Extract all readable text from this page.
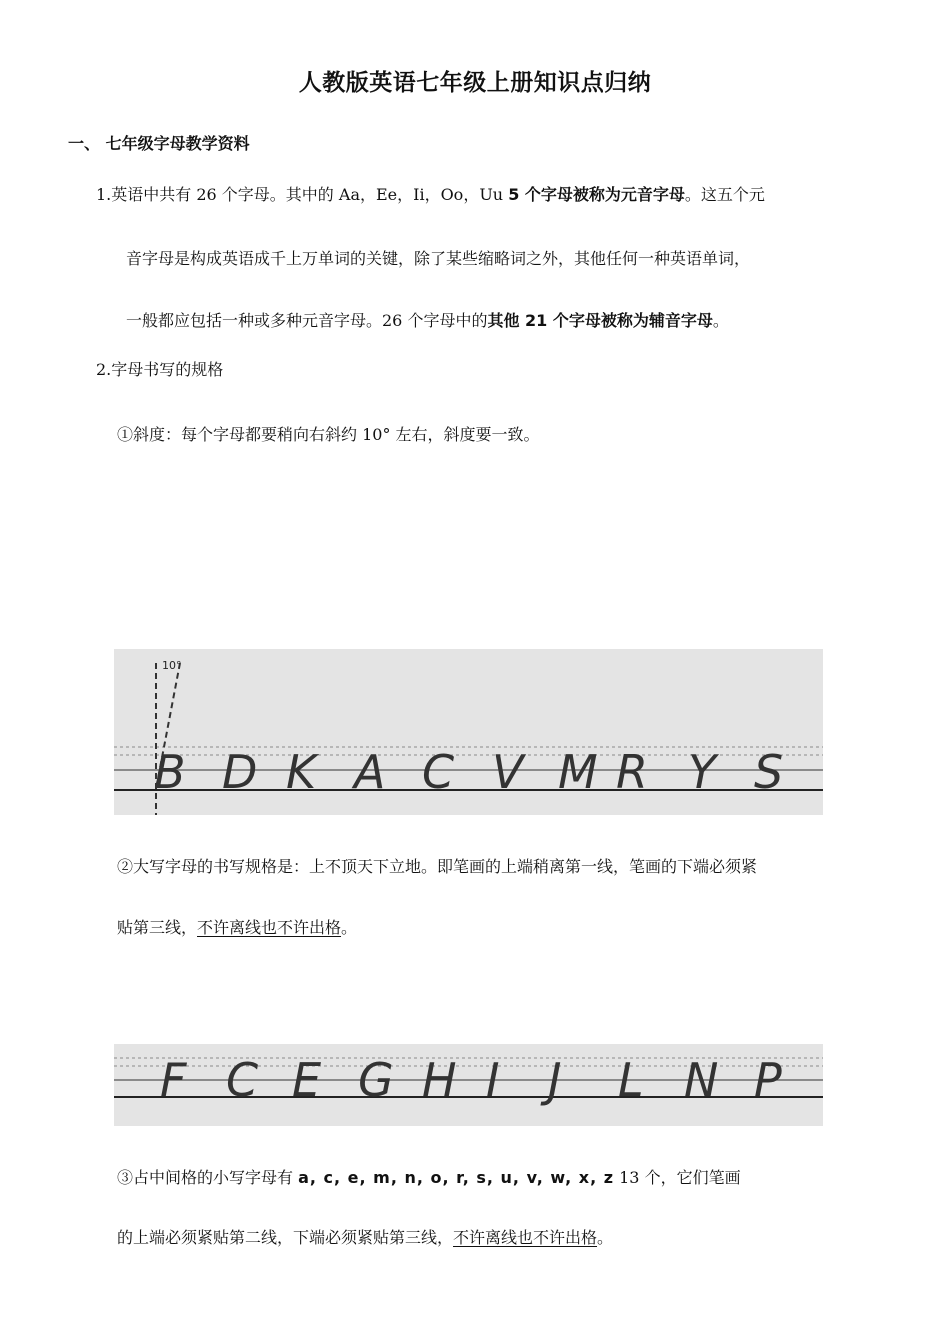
人教版英语七年级上册知识点归纳
一、 七年级字母教学资料
1.英语中共有 26 个字母。其中的 Aa，Ee，Ii，Oo，Uu 5 个字母被称为元音字母。这五个元
音字母是构成英语成千上万单词的关键，除了某些缩略词之外，其他任何一种英语单词，
一般都应包括一种或多种元音字母。26 个字母中的其他 21 个字母被称为辅音字母。
2.字母书写的规格
①斜度：每个字母都要稍向右斜约 10° 左右，斜度要一致。
10°
B D K A C V M R Y S
②大写字母的书写规格是：上不顶天下立地。即笔画的上端稍离第一线，笔画的下端必须紧
贴第三线，不许离线也不许出格。
F C E G H I J L N P
③占中间格的小写字母有 a, c, e, m, n, o, r, s, u, v, w, x, z 13 个，它们笔画
的上端必须紧贴第二线，下端必须紧贴第三线，不许离线也不许出格。
